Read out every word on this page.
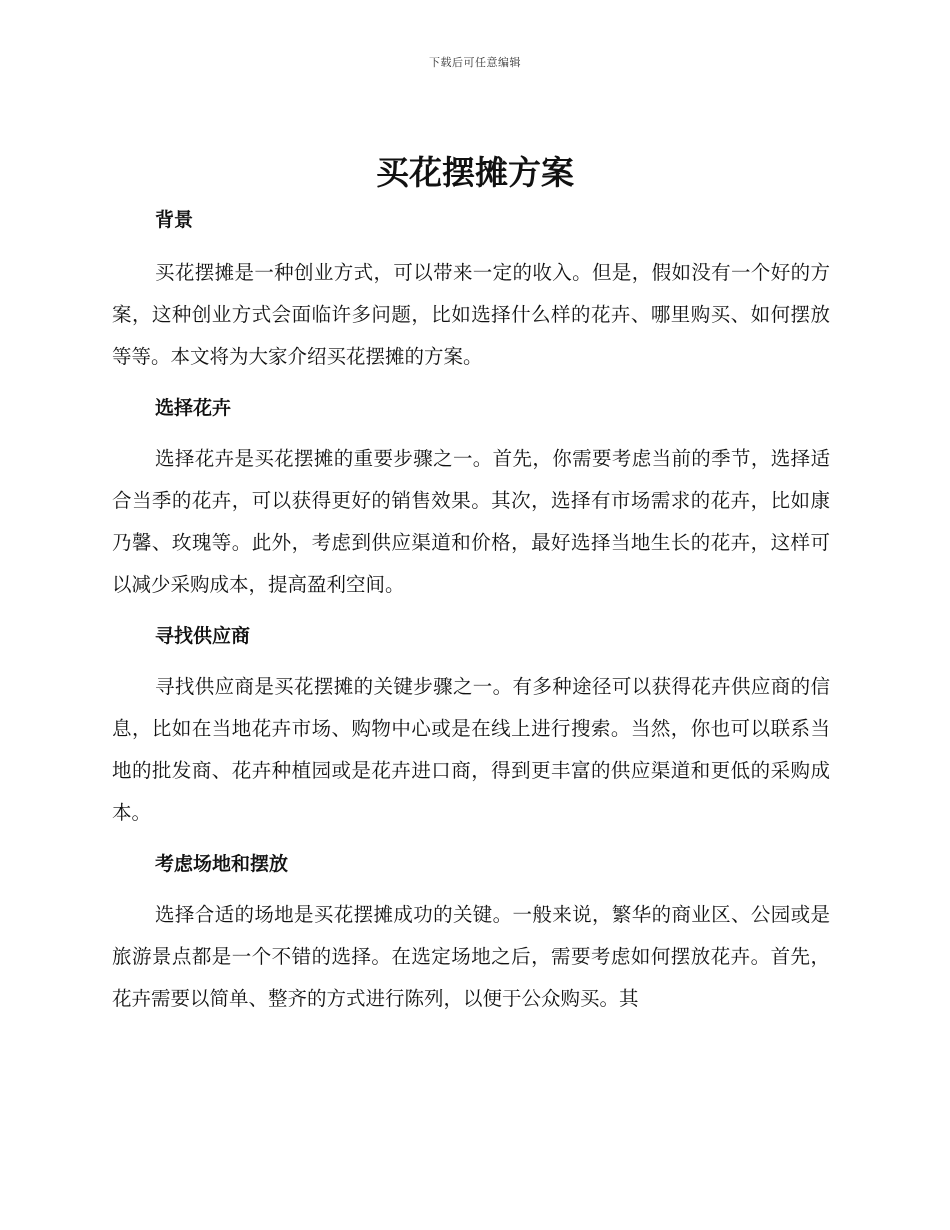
下载后可任意编辑
买花摆摊方案
背景

买花摆摊是一种创业方式，可以带来一定的收入。但是，假如没有一个好的方案，这种创业方式会面临许多问题，比如选择什么样的花卉、哪里购买、如何摆放等等。本文将为大家介绍买花摆摊的方案。

选择花卉

选择花卉是买花摆摊的重要步骤之一。首先，你需要考虑当前的季节，选择适合当季的花卉，可以获得更好的销售效果。其次，选择有市场需求的花卉，比如康乃馨、玫瑰等。此外，考虑到供应渠道和价格，最好选择当地生长的花卉，这样可以减少采购成本，提高盈利空间。

寻找供应商

寻找供应商是买花摆摊的关键步骤之一。有多种途径可以获得花卉供应商的信息，比如在当地花卉市场、购物中心或是在线上进行搜索。当然，你也可以联系当地的批发商、花卉种植园或是花卉进口商，得到更丰富的供应渠道和更低的采购成本。

考虑场地和摆放

选择合适的场地是买花摆摊成功的关键。一般来说，繁华的商业区、公园或是旅游景点都是一个不错的选择。在选定场地之后，需要考虑如何摆放花卉。首先，花卉需要以简单、整齐的方式进行陈列，以便于公众购买。其
